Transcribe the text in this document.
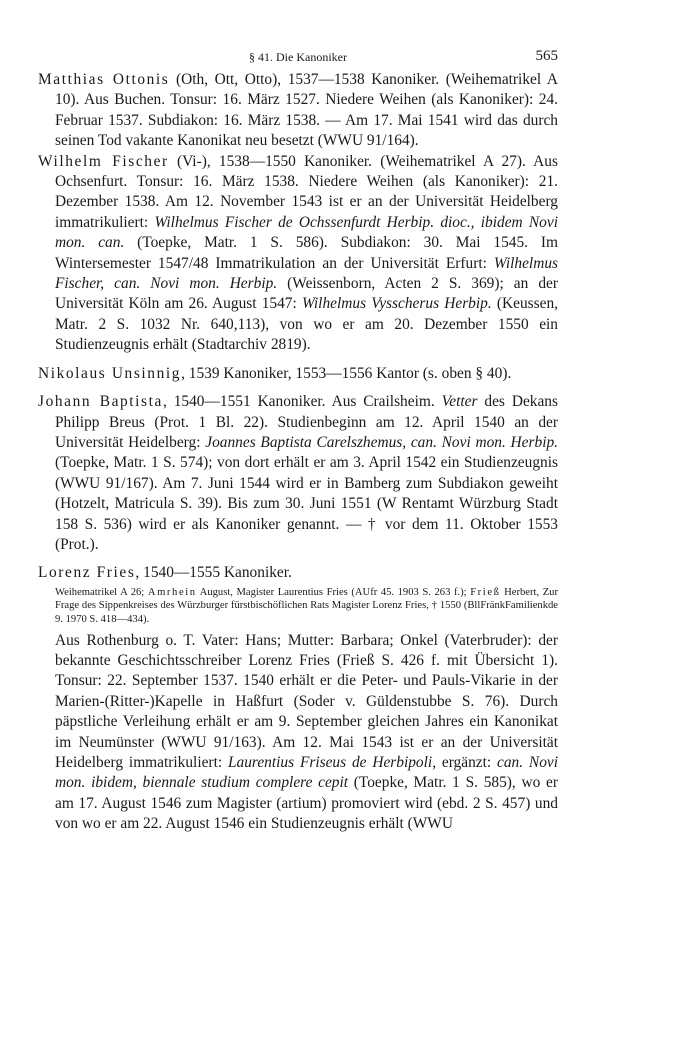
§ 41. Die Kanoniker	565

Matthias Ottonis (Oth, Ott, Otto), 1537—1538 Kanoniker. (Weihematrikel A 10). Aus Buchen. Tonsur: 16. März 1527. Niedere Weihen (als Kanoniker): 24. Februar 1537. Subdiakon: 16. März 1538. — Am 17. Mai 1541 wird das durch seinen Tod vakante Kanonikat neu besetzt (WWU 91/164).

Wilhelm Fischer (Vi-), 1538—1550 Kanoniker. (Weihematrikel A 27). Aus Ochsenfurt. Tonsur: 16. März 1538. Niedere Weihen (als Kanoniker): 21. Dezember 1538. Am 12. November 1543 ist er an der Universität Heidelberg immatrikuliert: Wilhelmus Fischer de Ochssenfurdt Herbip. dioc., ibidem Novi mon. can. (Toepke, Matr. 1 S. 586). Subdiakon: 30. Mai 1545. Im Wintersemester 1547/48 Immatrikulation an der Universität Erfurt: Wilhelmus Fischer, can. Novi mon. Herbip. (Weissenborn, Acten 2 S. 369); an der Universität Köln am 26. August 1547: Wilhelmus Vysscherus Herbip. (Keussen, Matr. 2 S. 1032 Nr. 640,113), von wo er am 20. Dezember 1550 ein Studienzeugnis erhält (Stadtarchiv 2819).

Nikolaus Unsinnig, 1539 Kanoniker, 1553—1556 Kantor (s. oben § 40).

Johann Baptista, 1540—1551 Kanoniker. Aus Crailsheim. Vetter des Dekans Philipp Breus (Prot. 1 Bl. 22). Studienbeginn am 12. April 1540 an der Universität Heidelberg: Joannes Baptista Carelszhemus, can. Novi mon. Herbip. (Toepke, Matr. 1 S. 574); von dort erhält er am 3. April 1542 ein Studienzeugnis (WWU 91/167). Am 7. Juni 1544 wird er in Bamberg zum Subdiakon geweiht (Hotzelt, Matricula S. 39). Bis zum 30. Juni 1551 (W Rentamt Würzburg Stadt 158 S. 536) wird er als Kanoniker genannt. — † vor dem 11. Oktober 1553 (Prot.).

Lorenz Fries, 1540—1555 Kanoniker.

Weihematrikel A 26; Amrhein August, Magister Laurentius Fries (AUfr 45. 1903 S. 263 f.); Frieß Herbert, Zur Frage des Sippenkreises des Würzburger fürstbischöflichen Rats Magister Lorenz Fries, † 1550 (BllFränkFamilienkde 9. 1970 S. 418—434).

Aus Rothenburg o. T. Vater: Hans; Mutter: Barbara; Onkel (Vaterbruder): der bekannte Geschichtsschreiber Lorenz Fries (Frieß S. 426 f. mit Übersicht 1). Tonsur: 22. September 1537. 1540 erhält er die Peter- und Pauls-Vikarie in der Marien-(Ritter-)Kapelle in Haßfurt (Soder v. Güldenstubbe S. 76). Durch päpstliche Verleihung erhält er am 9. September gleichen Jahres ein Kanonikat im Neumünster (WWU 91/163). Am 12. Mai 1543 ist er an der Universität Heidelberg immatrikuliert: Laurentius Friseus de Herbipoli, ergänzt: can. Novi mon. ibidem, biennale studium complere cepit (Toepke, Matr. 1 S. 585), wo er am 17. August 1546 zum Magister (artium) promoviert wird (ebd. 2 S. 457) und von wo er am 22. August 1546 ein Studienzeugnis erhält (WWU
